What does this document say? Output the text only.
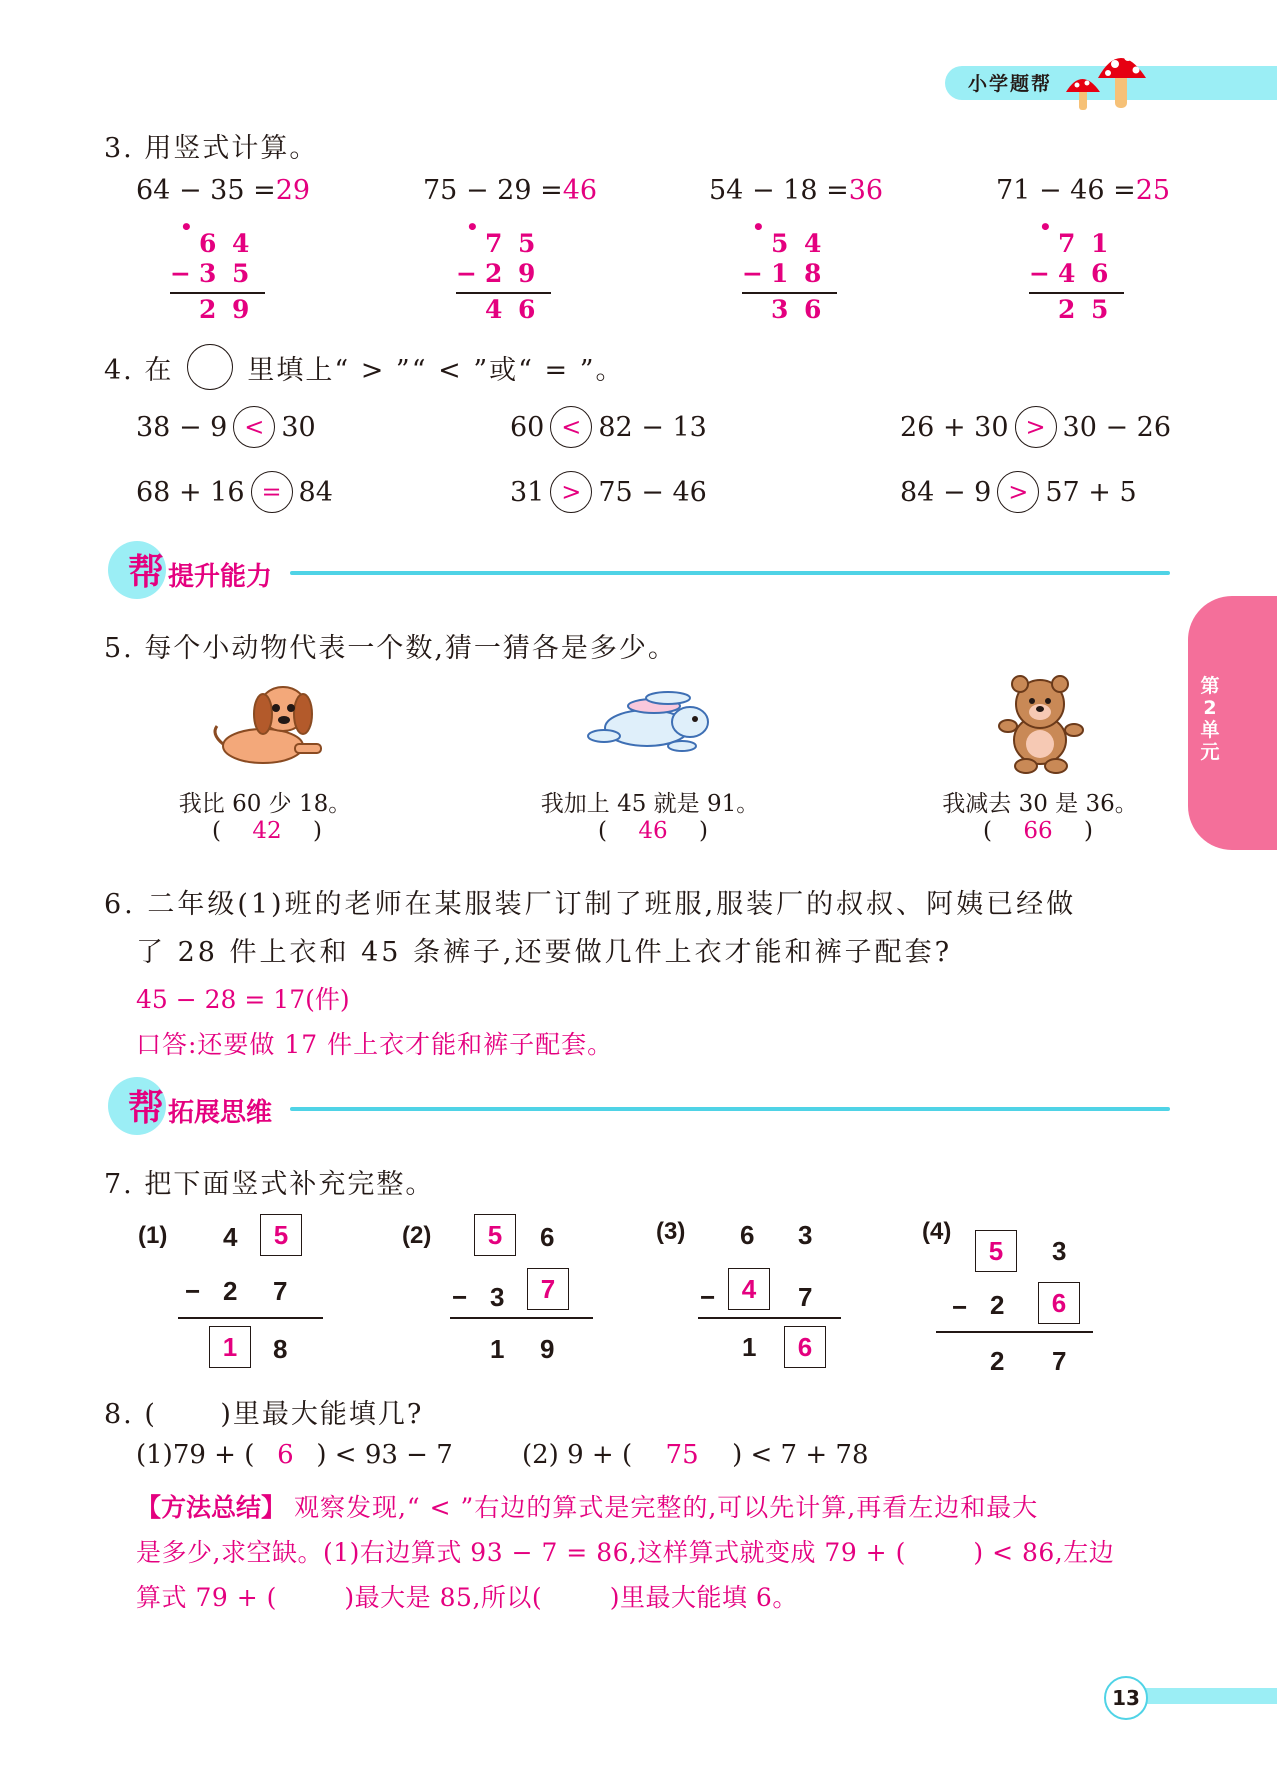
小学题帮
第
2
单
元
3. 用竖式计算。
64 − 35 =29	75 − 29 =46	54 − 18 =36	71 − 46 =25
•
6 4
− 3 5
2 9
•
7 5
− 2 9
4 6
•
5 4
− 1 8
3 6
•
7 1
− 4 6
2 5
4. 在	里填上“ > ”“ < ”或“ = ”。
38 − 9 < 30	60 < 82 − 13	26 + 30 > 30 − 26
68 + 16 = 84	31 > 75 − 46	84 − 9 > 57 + 5
帮 提升能力
5. 每个小动物代表一个数,猜一猜各是多少。
我比 60 少 18。	我加上 45 就是 91。	我减去 30 是 36。
( 42 )	( 46 )	( 66 )
6. 二年级(1)班的老师在某服装厂订制了班服,服装厂的叔叔、阿姨已经做
了 28 件上衣和 45 条裤子,还要做几件上衣才能和裤子配套?
45 − 28 = 17(件)
口答:还要做 17 件上衣才能和裤子配套。
帮 拓展思维
7. 把下面竖式补充完整。
(1) 4	5
− 2 7
1	8
(2)	5	6
− 3	7
1 9
(3) 6 3
−	4	7
1	6
(4)
5	3
− 2	6
2 7
8. (      )里最大能填几?
(1)79 + ( 6 ) < 93 − 7	(2) 9 + ( 75 ) < 7 + 78
【方法总结】 观察发现,“ < ”右边的算式是完整的,可以先计算,再看左边和最大
是多少,求空缺。(1)右边算式 93 − 7 = 86,这样算式就变成 79 + (        ) < 86,左边
算式 79 + (        )最大是 85,所以(        )里最大能填 6。
13
